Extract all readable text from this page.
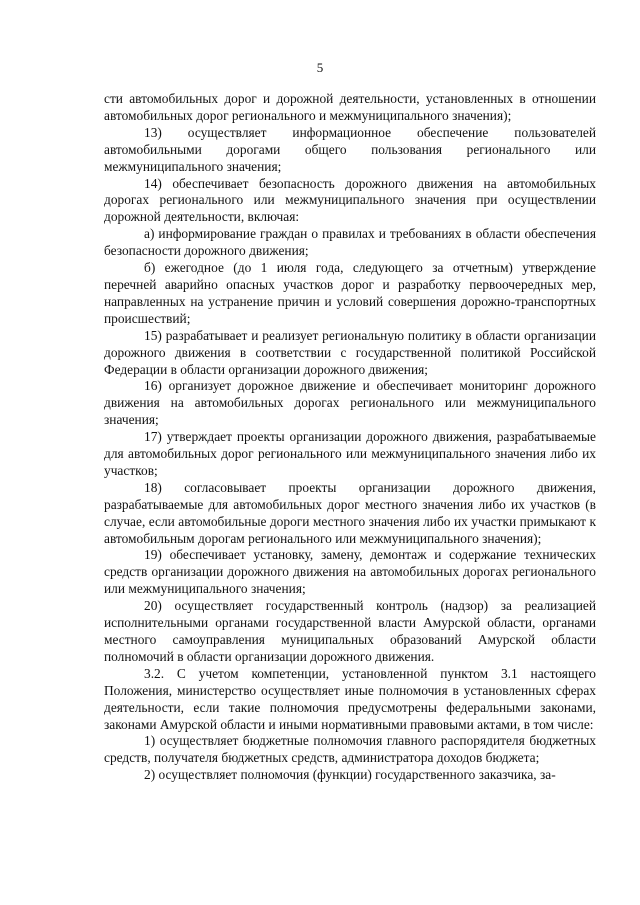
5

сти автомобильных дорог и дорожной деятельности, установленных в отношении автомобильных дорог регионального и межмуниципального значения);

13) осуществляет информационное обеспечение пользователей автомобильными дорогами общего пользования регионального или межмуниципального значения;

14) обеспечивает безопасность дорожного движения на автомобильных дорогах регионального или межмуниципального значения при осуществлении дорожной деятельности, включая:

а) информирование граждан о правилах и требованиях в области обеспечения безопасности дорожного движения;

б) ежегодное (до 1 июля года, следующего за отчетным) утверждение перечней аварийно опасных участков дорог и разработку первоочередных мер, направленных на устранение причин и условий совершения дорожно-транспортных происшествий;

15) разрабатывает и реализует региональную политику в области организации дорожного движения в соответствии с государственной политикой Российской Федерации в области организации дорожного движения;

16) организует дорожное движение и обеспечивает мониторинг дорожного движения на автомобильных дорогах регионального или межмуниципального значения;

17) утверждает проекты организации дорожного движения, разрабатываемые для автомобильных дорог регионального или межмуниципального значения либо их участков;

18) согласовывает проекты организации дорожного движения, разрабатываемые для автомобильных дорог местного значения либо их участков (в случае, если автомобильные дороги местного значения либо их участки примыкают к автомобильным дорогам регионального или межмуниципального значения);

19) обеспечивает установку, замену, демонтаж и содержание технических средств организации дорожного движения на автомобильных дорогах регионального или межмуниципального значения;

20) осуществляет государственный контроль (надзор) за реализацией исполнительными органами государственной власти Амурской области, органами местного самоуправления муниципальных образований Амурской области полномочий в области организации дорожного движения.

3.2. С учетом компетенции, установленной пунктом 3.1 настоящего Положения, министерство осуществляет иные полномочия в установленных сферах деятельности, если такие полномочия предусмотрены федеральными законами, законами Амурской области и иными нормативными правовыми актами, в том числе:

1) осуществляет бюджетные полномочия главного распорядителя бюджетных средств, получателя бюджетных средств, администратора доходов бюджета;

2) осуществляет полномочия (функции) государственного заказчика, за-
